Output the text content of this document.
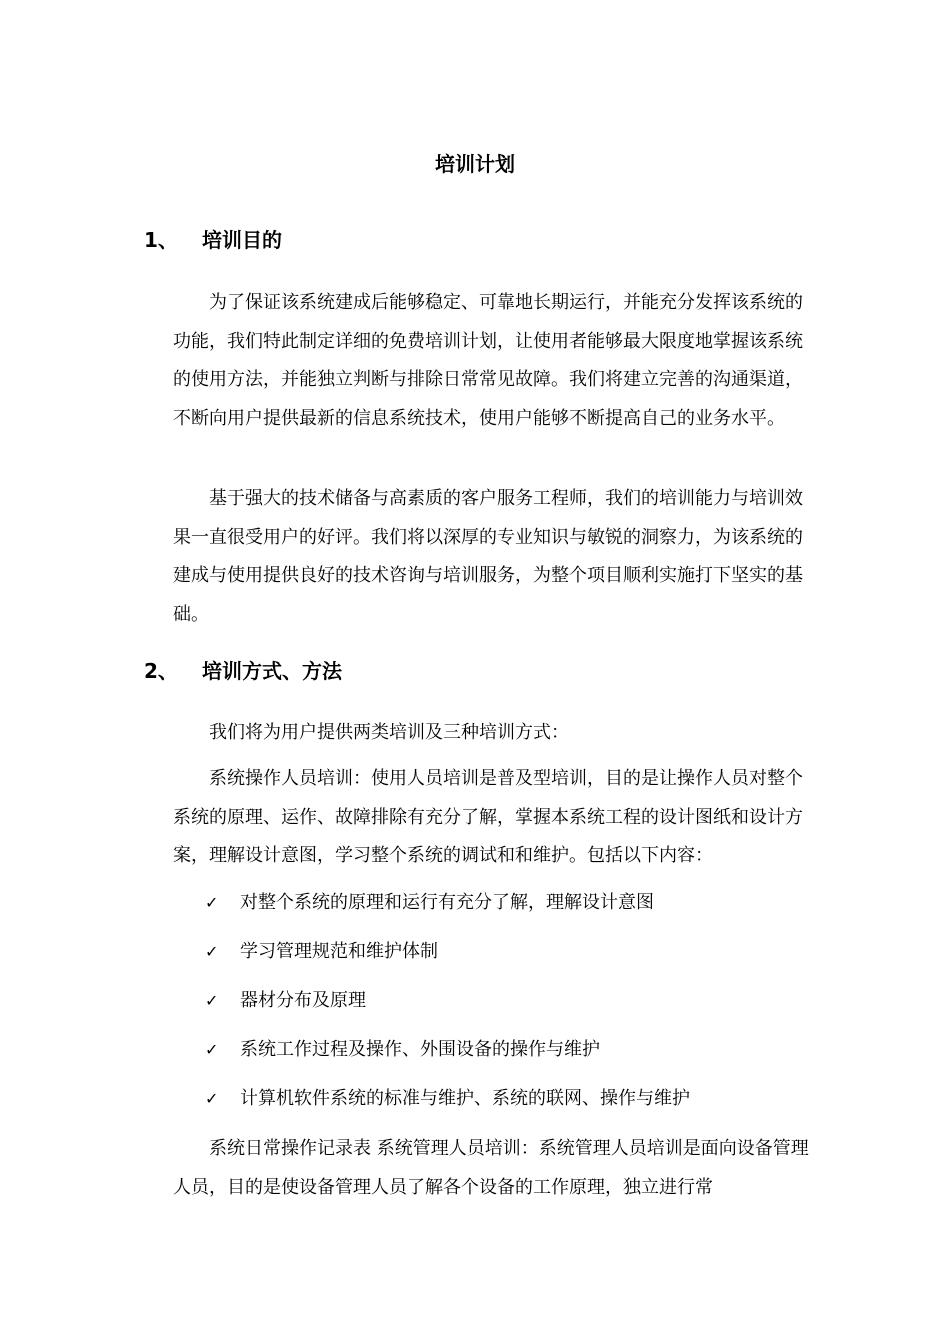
培训计划
1、 培训目的

为了保证该系统建成后能够稳定、可靠地长期运行，并能充分发挥该系统的功能，我们特此制定详细的免费培训计划，让使用者能够最大限度地掌握该系统的使用方法，并能独立判断与排除日常常见故障。我们将建立完善的沟通渠道，不断向用户提供最新的信息系统技术，使用户能够不断提高自己的业务水平。

基于强大的技术储备与高素质的客户服务工程师，我们的培训能力与培训效果一直很受用户的好评。我们将以深厚的专业知识与敏锐的洞察力，为该系统的建成与使用提供良好的技术咨询与培训服务，为整个项目顺利实施打下坚实的基础。

2、 培训方式、方法

我们将为用户提供两类培训及三种培训方式：

系统操作人员培训：使用人员培训是普及型培训，目的是让操作人员对整个系统的原理、运作、故障排除有充分了解，掌握本系统工程的设计图纸和设计方案，理解设计意图，学习整个系统的调试和和维护。包括以下内容：

✓ 对整个系统的原理和运行有充分了解，理解设计意图
✓ 学习管理规范和维护体制
✓ 器材分布及原理
✓ 系统工作过程及操作、外围设备的操作与维护
✓ 计算机软件系统的标准与维护、系统的联网、操作与维护

系统日常操作记录表 系统管理人员培训：系统管理人员培训是面向设备管理人员，目的是使设备管理人员了解各个设备的工作原理，独立进行常
